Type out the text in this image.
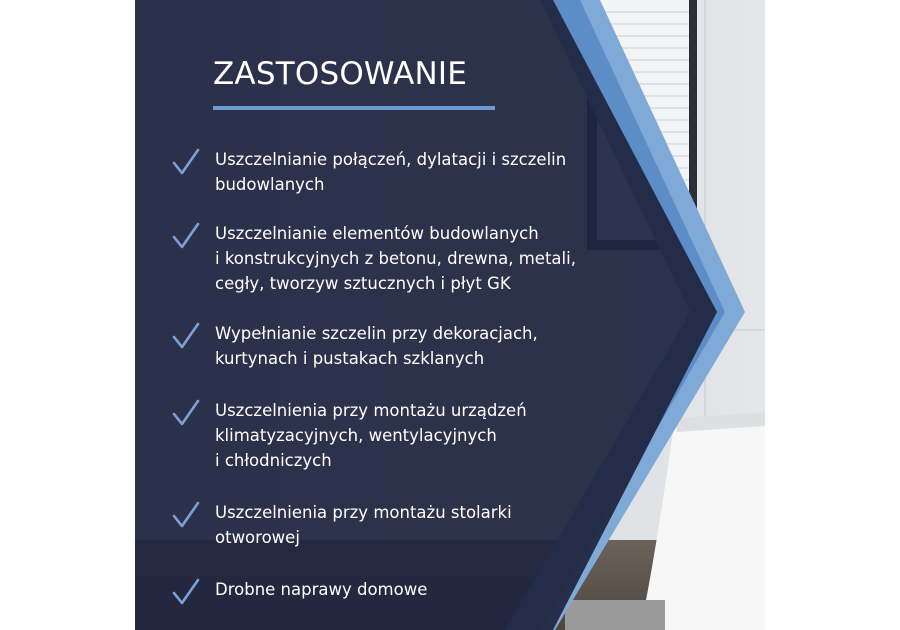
ZASTOSOWANIE

Uszczelnianie połączeń, dylatacji i szczelin
budowlanych

Uszczelnianie elementów budowlanych
i konstrukcyjnych z betonu, drewna, metali,
cegły, tworzyw sztucznych i płyt GK

Wypełnianie szczelin przy dekoracjach,
kurtynach i pustakach szklanych

Uszczelnienia przy montażu urządzeń
klimatyzacyjnych, wentylacyjnych
i chłodniczych

Uszczelnienia przy montażu stolarki
otworowej

Drobne naprawy domowe
